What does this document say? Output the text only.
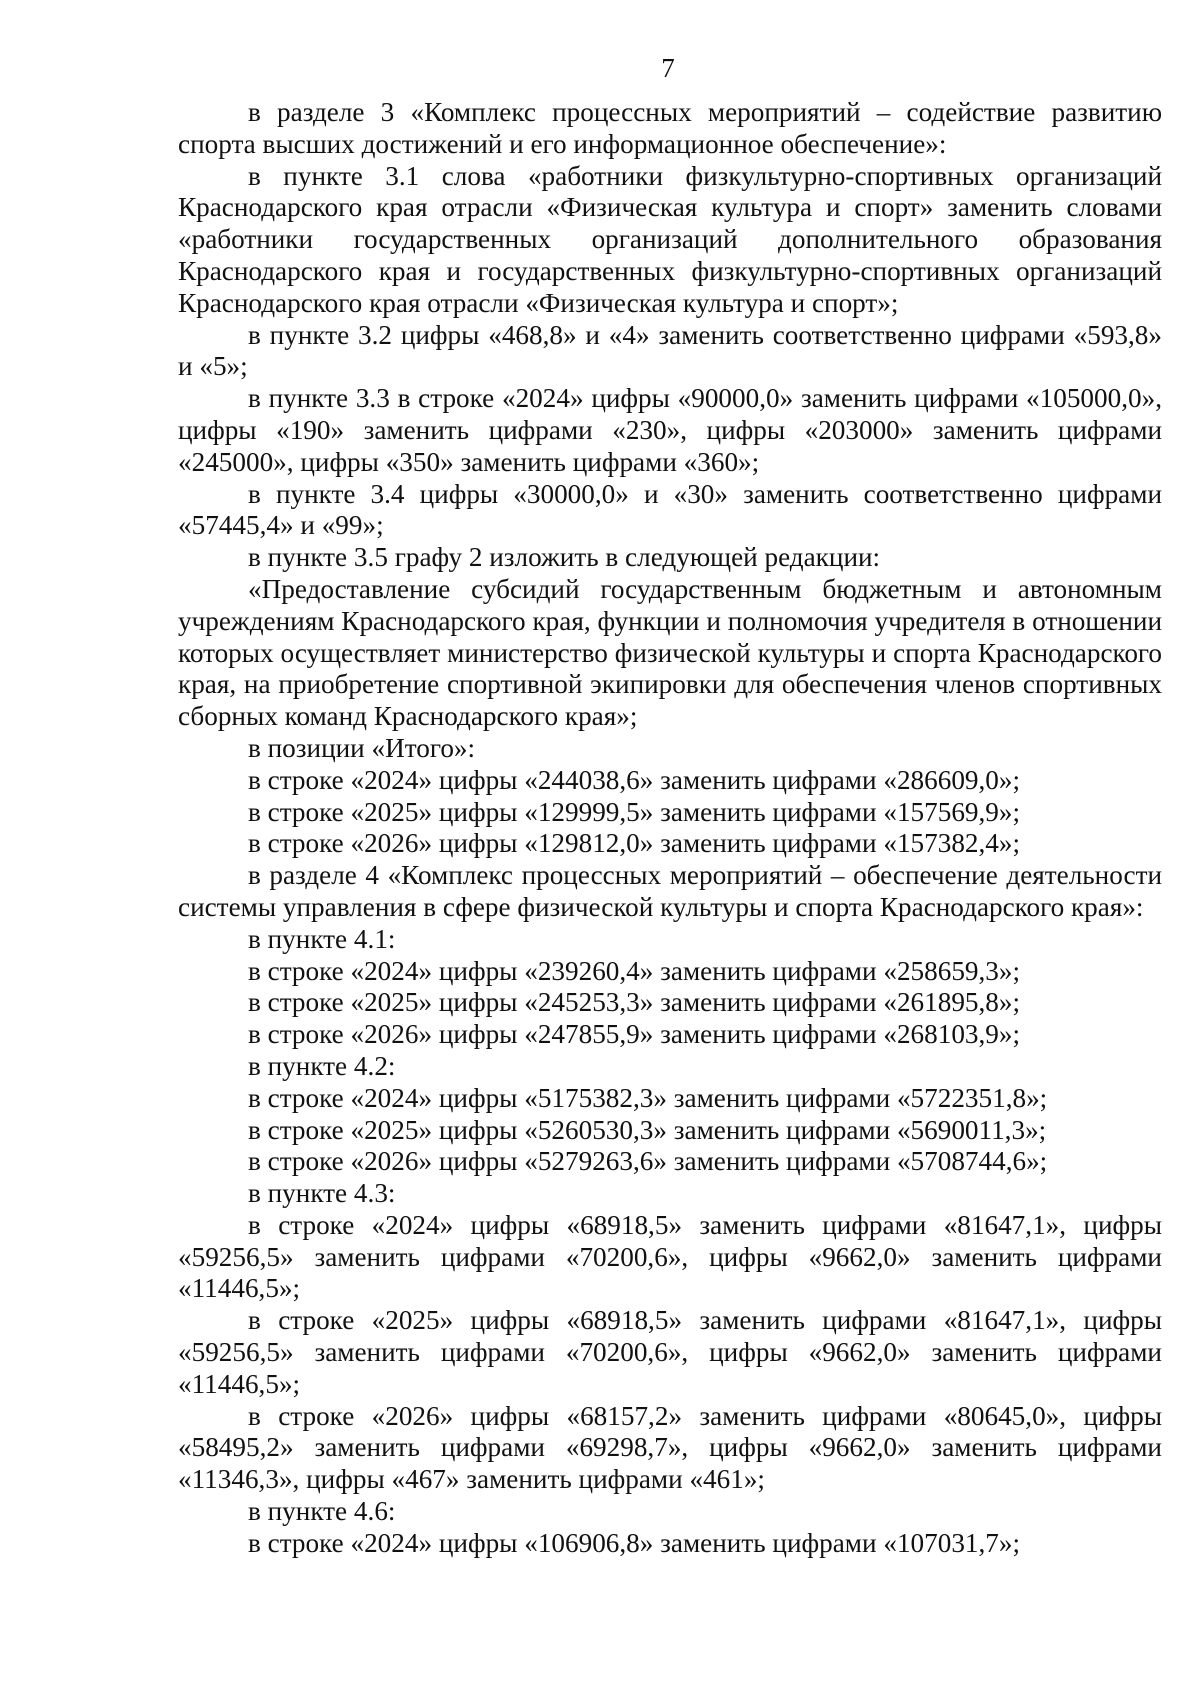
7

в разделе 3 «Комплекс процессных мероприятий – содействие развитию спорта высших достижений и его информационное обеспечение»:

в пункте 3.1 слова «работники физкультурно-спортивных организаций Краснодарского края отрасли «Физическая культура и спорт» заменить словами «работники государственных организаций дополнительного образования Краснодарского края и государственных физкультурно-спортивных организаций Краснодарского края отрасли «Физическая культура и спорт»;

в пункте 3.2 цифры «468,8» и «4» заменить соответственно цифрами «593,8» и «5»;

в пункте 3.3 в строке «2024» цифры «90000,0» заменить цифрами «105000,0», цифры «190» заменить цифрами «230», цифры «203000» заменить цифрами «245000», цифры «350» заменить цифрами «360»;

в пункте 3.4 цифры «30000,0» и «30» заменить соответственно цифрами «57445,4» и «99»;

в пункте 3.5 графу 2 изложить в следующей редакции:

«Предоставление субсидий государственным бюджетным и автономным учреждениям Краснодарского края, функции и полномочия учредителя в отношении которых осуществляет министерство физической культуры и спорта Краснодарского края, на приобретение спортивной экипировки для обеспечения членов спортивных сборных команд Краснодарского края»;

в позиции «Итого»:

в строке «2024» цифры «244038,6» заменить цифрами «286609,0»;

в строке «2025» цифры «129999,5» заменить цифрами «157569,9»;

в строке «2026» цифры «129812,0» заменить цифрами «157382,4»;

в разделе 4 «Комплекс процессных мероприятий – обеспечение деятельности системы управления в сфере физической культуры и спорта Краснодарского края»:

в пункте 4.1:

в строке «2024» цифры «239260,4» заменить цифрами «258659,3»;

в строке «2025» цифры «245253,3» заменить цифрами «261895,8»;

в строке «2026» цифры «247855,9» заменить цифрами «268103,9»;

в пункте 4.2:

в строке «2024» цифры «5175382,3» заменить цифрами «5722351,8»;

в строке «2025» цифры «5260530,3» заменить цифрами «5690011,3»;

в строке «2026» цифры «5279263,6» заменить цифрами «5708744,6»;

в пункте 4.3:

в строке «2024» цифры «68918,5» заменить цифрами «81647,1», цифры «59256,5» заменить цифрами «70200,6», цифры «9662,0» заменить цифрами «11446,5»;

в строке «2025» цифры «68918,5» заменить цифрами «81647,1», цифры «59256,5» заменить цифрами «70200,6», цифры «9662,0» заменить цифрами «11446,5»;

в строке «2026» цифры «68157,2» заменить цифрами «80645,0», цифры «58495,2» заменить цифрами «69298,7», цифры «9662,0» заменить цифрами «11346,3», цифры «467» заменить цифрами «461»;

в пункте 4.6:

в строке «2024» цифры «106906,8» заменить цифрами «107031,7»;
